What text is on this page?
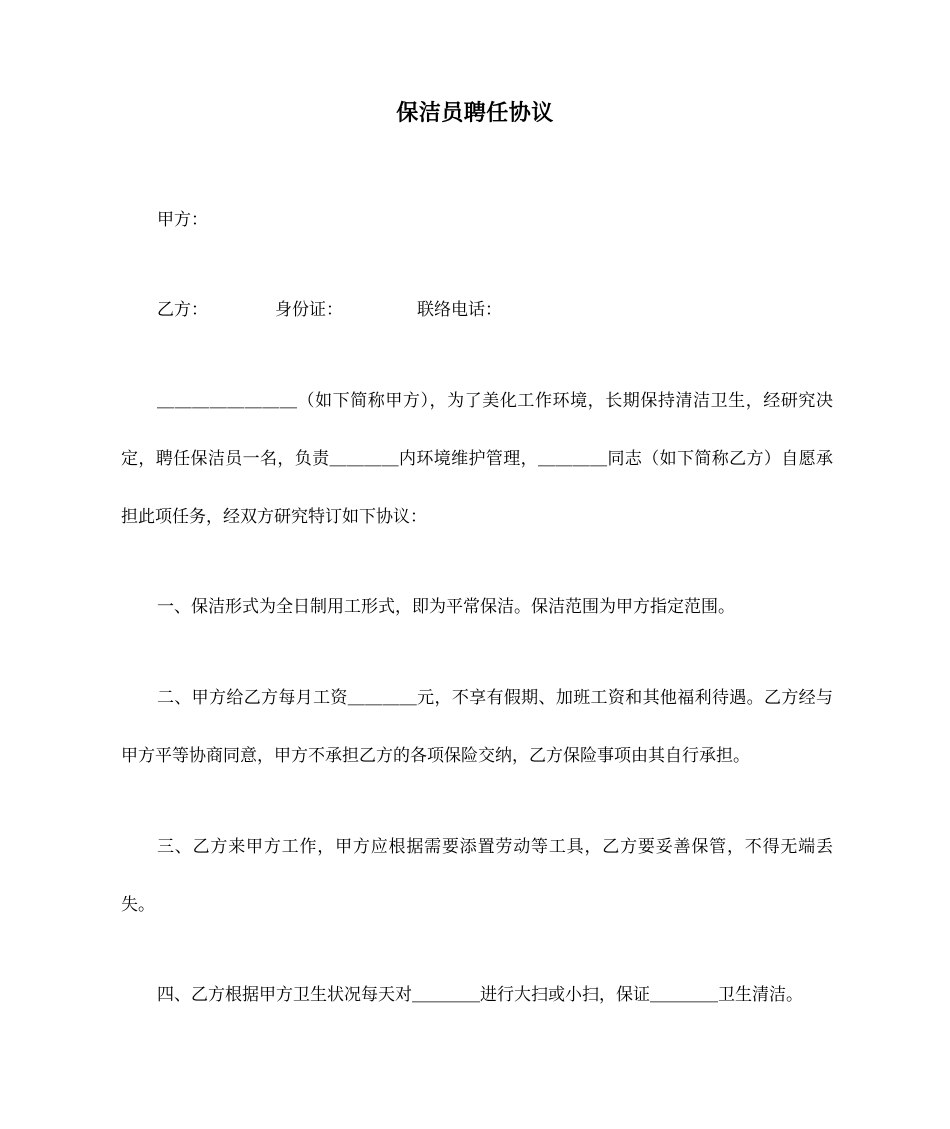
保洁员聘任协议
甲方：
乙方：	身份证：	联络电话：
＿＿＿＿＿＿＿＿（如下简称甲方），为了美化工作环境，长期保持清洁卫生，经研究决定，聘任保洁员一名，负责＿＿＿＿内环境维护管理，＿＿＿＿同志（如下简称乙方）自愿承担此项任务，经双方研究特订如下协议：
一、保洁形式为全日制用工形式，即为平常保洁。保洁范围为甲方指定范围。
二、甲方给乙方每月工资＿＿＿＿元，不享有假期、加班工资和其他福利待遇。乙方经与甲方平等协商同意，甲方不承担乙方的各项保险交纳，乙方保险事项由其自行承担。
三、乙方来甲方工作，甲方应根据需要添置劳动等工具，乙方要妥善保管，不得无端丢失。
四、乙方根据甲方卫生状况每天对＿＿＿＿进行大扫或小扫，保证＿＿＿＿卫生清洁。
